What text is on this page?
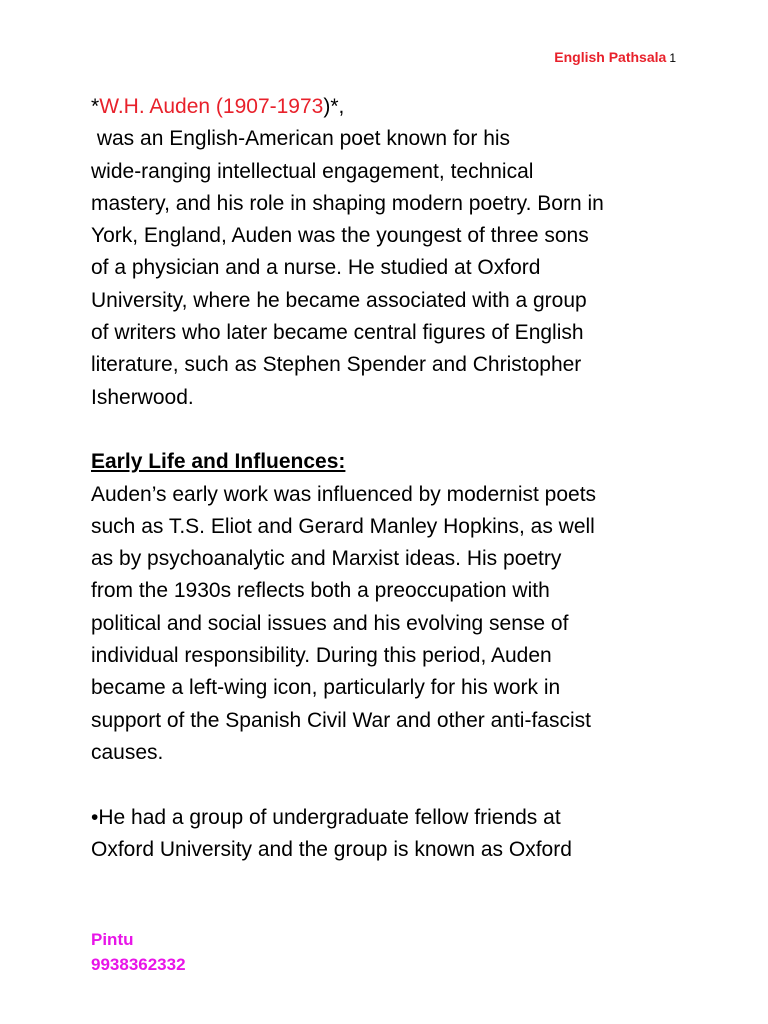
English Pathsala 1

*W.H. Auden (1907-1973)*,

was an English-American poet known for his

wide-ranging intellectual engagement, technical

mastery, and his role in shaping modern poetry. Born in

York, England, Auden was the youngest of three sons

of a physician and a nurse. He studied at Oxford

University, where he became associated with a group

of writers who later became central figures of English

literature, such as Stephen Spender and Christopher

Isherwood.

Early Life and Influences:

Auden’s early work was influenced by modernist poets

such as T.S. Eliot and Gerard Manley Hopkins, as well

as by psychoanalytic and Marxist ideas. His poetry

from the 1930s reflects both a preoccupation with

political and social issues and his evolving sense of

individual responsibility. During this period, Auden

became a left-wing icon, particularly for his work in

support of the Spanish Civil War and other anti-fascist

causes.

•He had a group of undergraduate fellow friends at

Oxford University and the group is known as Oxford

Pintu
9938362332
